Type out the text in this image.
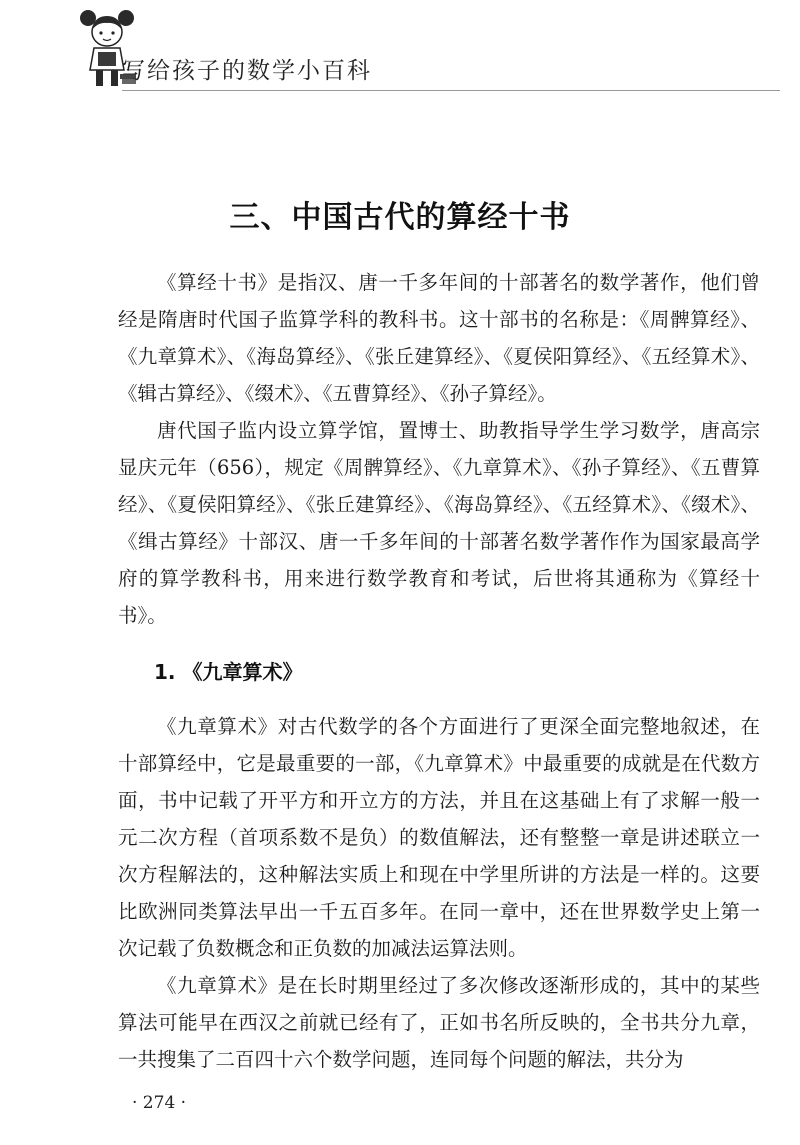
写给孩子的数学小百科
三、中国古代的算经十书

《算经十书》是指汉、唐一千多年间的十部著名的数学著作，他们曾经是隋唐时代国子监算学科的教科书。这十部书的名称是：《周髀算经》、《九章算术》、《海岛算经》、《张丘建算经》、《夏侯阳算经》、《五经算术》、《辑古算经》、《缀术》、《五曹算经》、《孙子算经》。

唐代国子监内设立算学馆，置博士、助教指导学生学习数学，唐高宗显庆元年（656），规定《周髀算经》、《九章算术》、《孙子算经》、《五曹算经》、《夏侯阳算经》、《张丘建算经》、《海岛算经》、《五经算术》、《缀术》、《缉古算经》十部汉、唐一千多年间的十部著名数学著作作为国家最高学府的算学教科书，用来进行数学教育和考试，后世将其通称为《算经十书》。

1. 《九章算术》

《九章算术》对古代数学的各个方面进行了更深全面完整地叙述，在十部算经中，它是最重要的一部，《九章算术》中最重要的成就是在代数方面，书中记载了开平方和开立方的方法，并且在这基础上有了求解一般一元二次方程（首项系数不是负）的数值解法，还有整整一章是讲述联立一次方程解法的，这种解法实质上和现在中学里所讲的方法是一样的。这要比欧洲同类算法早出一千五百多年。在同一章中，还在世界数学史上第一次记载了负数概念和正负数的加减法运算法则。

《九章算术》是在长时期里经过了多次修改逐渐形成的，其中的某些算法可能早在西汉之前就已经有了，正如书名所反映的，全书共分九章，一共搜集了二百四十六个数学问题，连同每个问题的解法，共分为

· 274 ·
